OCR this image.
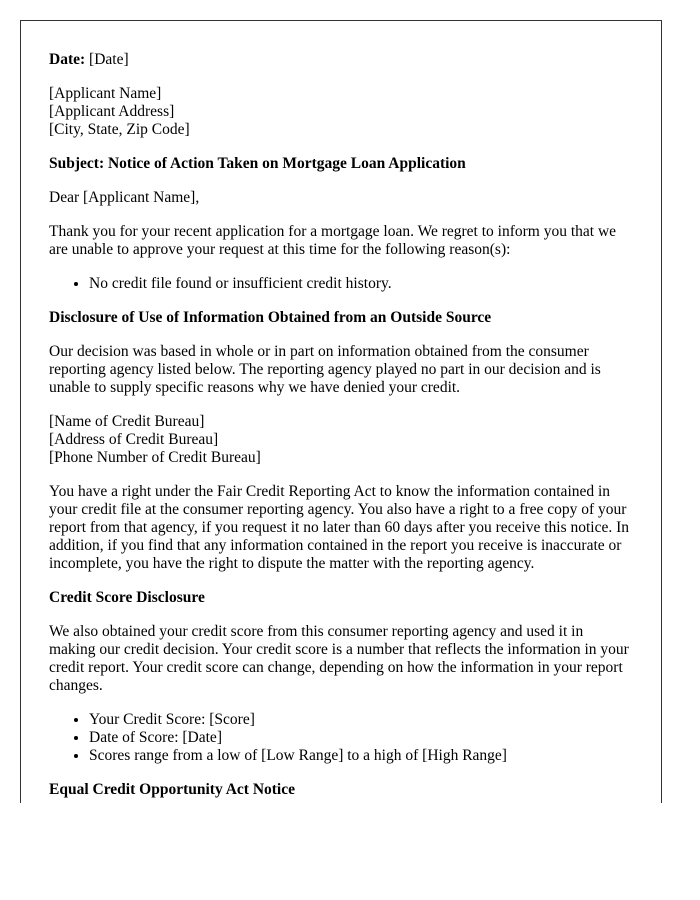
Date: [Date]

[Applicant Name]
[Applicant Address]
[City, State, Zip Code]

Subject: Notice of Action Taken on Mortgage Loan Application

Dear [Applicant Name],

Thank you for your recent application for a mortgage loan. We regret to inform you that we are unable to approve your request at this time for the following reason(s):

• No credit file found or insufficient credit history.

Disclosure of Use of Information Obtained from an Outside Source

Our decision was based in whole or in part on information obtained from the consumer reporting agency listed below. The reporting agency played no part in our decision and is unable to supply specific reasons why we have denied your credit.

[Name of Credit Bureau]
[Address of Credit Bureau]
[Phone Number of Credit Bureau]

You have a right under the Fair Credit Reporting Act to know the information contained in your credit file at the consumer reporting agency. You also have a right to a free copy of your report from that agency, if you request it no later than 60 days after you receive this notice. In addition, if you find that any information contained in the report you receive is inaccurate or incomplete, you have the right to dispute the matter with the reporting agency.

Credit Score Disclosure

We also obtained your credit score from this consumer reporting agency and used it in making our credit decision. Your credit score is a number that reflects the information in your credit report. Your credit score can change, depending on how the information in your report changes.

• Your Credit Score: [Score]
• Date of Score: [Date]
• Scores range from a low of [Low Range] to a high of [High Range]

Equal Credit Opportunity Act Notice
